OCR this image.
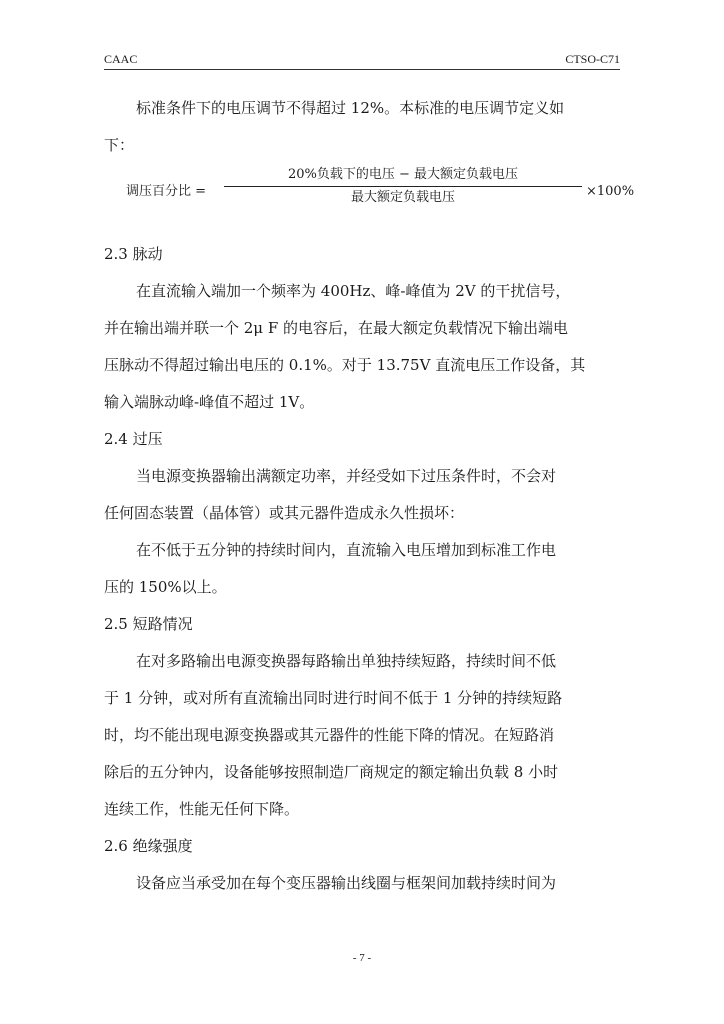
CAAC	CTSO-C71

标准条件下的电压调节不得超过 12%。本标准的电压调节定义如

下：

调压百分比 =
20%负载下的电压 − 最大额定负载电压
最大额定负载电压	×100%

2.3 脉动

在直流输入端加一个频率为 400Hz、峰-峰值为 2V 的干扰信号，

并在输出端并联一个 2μ F 的电容后，在最大额定负载情况下输出端电

压脉动不得超过输出电压的 0.1%。对于 13.75V 直流电压工作设备，其

输入端脉动峰-峰值不超过 1V。

2.4 过压

当电源变换器输出满额定功率，并经受如下过压条件时，不会对

任何固态装置（晶体管）或其元器件造成永久性损坏：

在不低于五分钟的持续时间内，直流输入电压增加到标准工作电

压的 150%以上。

2.5 短路情况

在对多路输出电源变换器每路输出单独持续短路，持续时间不低

于 1 分钟，或对所有直流输出同时进行时间不低于 1 分钟的持续短路

时，均不能出现电源变换器或其元器件的性能下降的情况。在短路消

除后的五分钟内，设备能够按照制造厂商规定的额定输出负载 8 小时

连续工作，性能无任何下降。

2.6 绝缘强度

设备应当承受加在每个变压器输出线圈与框架间加载持续时间为

- 7 -
